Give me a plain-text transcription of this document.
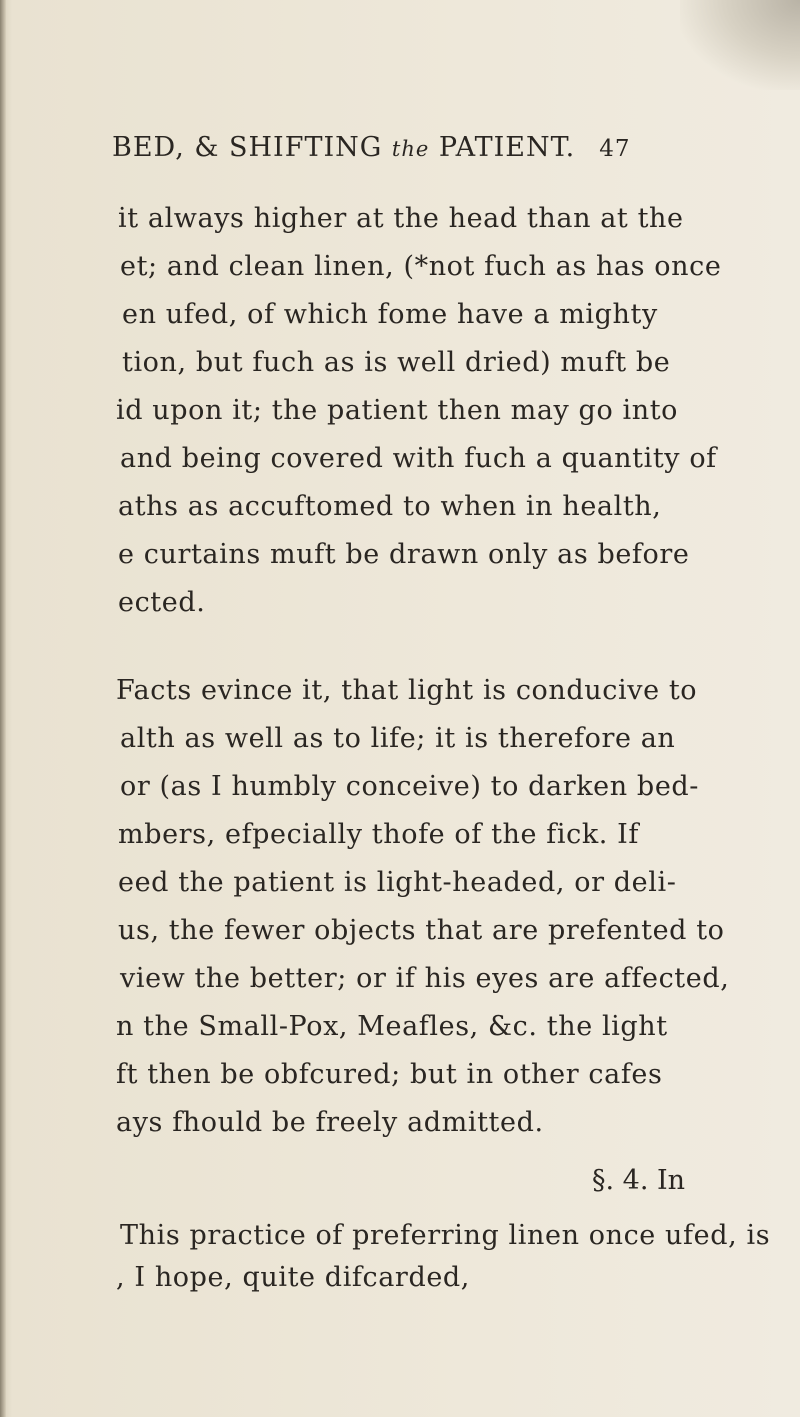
BED, & SHIFTING the PATIENT. 47
it always higher at the head than at the
et; and clean linen, (*not fuch as has once
en ufed, of which fome have a mighty
tion, but fuch as is well dried) muft be
id upon it; the patient then may go into
and being covered with fuch a quantity of
aths as accuftomed to when in health,
e curtains muft be drawn only as before
ected.
Facts evince it, that light is conducive to
alth as well as to life; it is therefore an
or (as I humbly conceive) to darken bed-
mbers, efpecially thofe of the fick. If
eed the patient is light-headed, or deli-
us, the fewer objects that are prefented to
view the better; or if his eyes are affected,
n the Small-Pox, Meafles, &c. the light
ft then be obfcured; but in other cafes
ays fhould be freely admitted.
§. 4. In
This practice of preferring linen once ufed, is
, I hope, quite difcarded,
